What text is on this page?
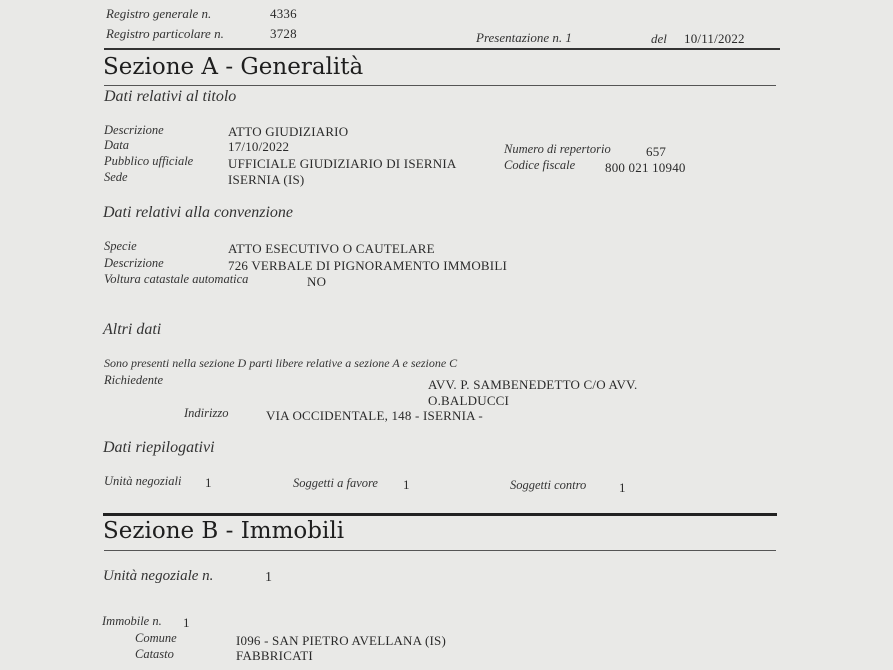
Registro generale n.	4336
Registro particolare n.	3728	Presentazione n. 1	del 10/11/2022
Sezione A - Generalità
Dati relativi al titolo
Descrizione	ATTO GIUDIZIARIO
Data	17/10/2022
Pubblico ufficiale	UFFICIALE GIUDIZIARIO DI ISERNIA
Sede	ISERNIA (IS)
Numero di repertorio	657
Codice fiscale 800 021 10940
Dati relativi alla convenzione
Specie	ATTO ESECUTIVO O CAUTELARE
Descrizione	726 VERBALE DI PIGNORAMENTO IMMOBILI
Voltura catastale automatica	NO
Altri dati
Sono presenti nella sezione D parti libere relative a sezione A e sezione C
Richiedente	AVV. P. SAMBENEDETTO C/O AVV.
O.BALDUCCI
Indirizzo	VIA OCCIDENTALE, 148 - ISERNIA -
Dati riepilogativi
Unità negoziali 1	Soggetti a favore 1	Soggetti contro	1
Sezione B - Immobili
Unità negoziale n.	1
Immobile n. 1
Comune	I096 - SAN PIETRO AVELLANA (IS)
Catasto	FABBRICATI
